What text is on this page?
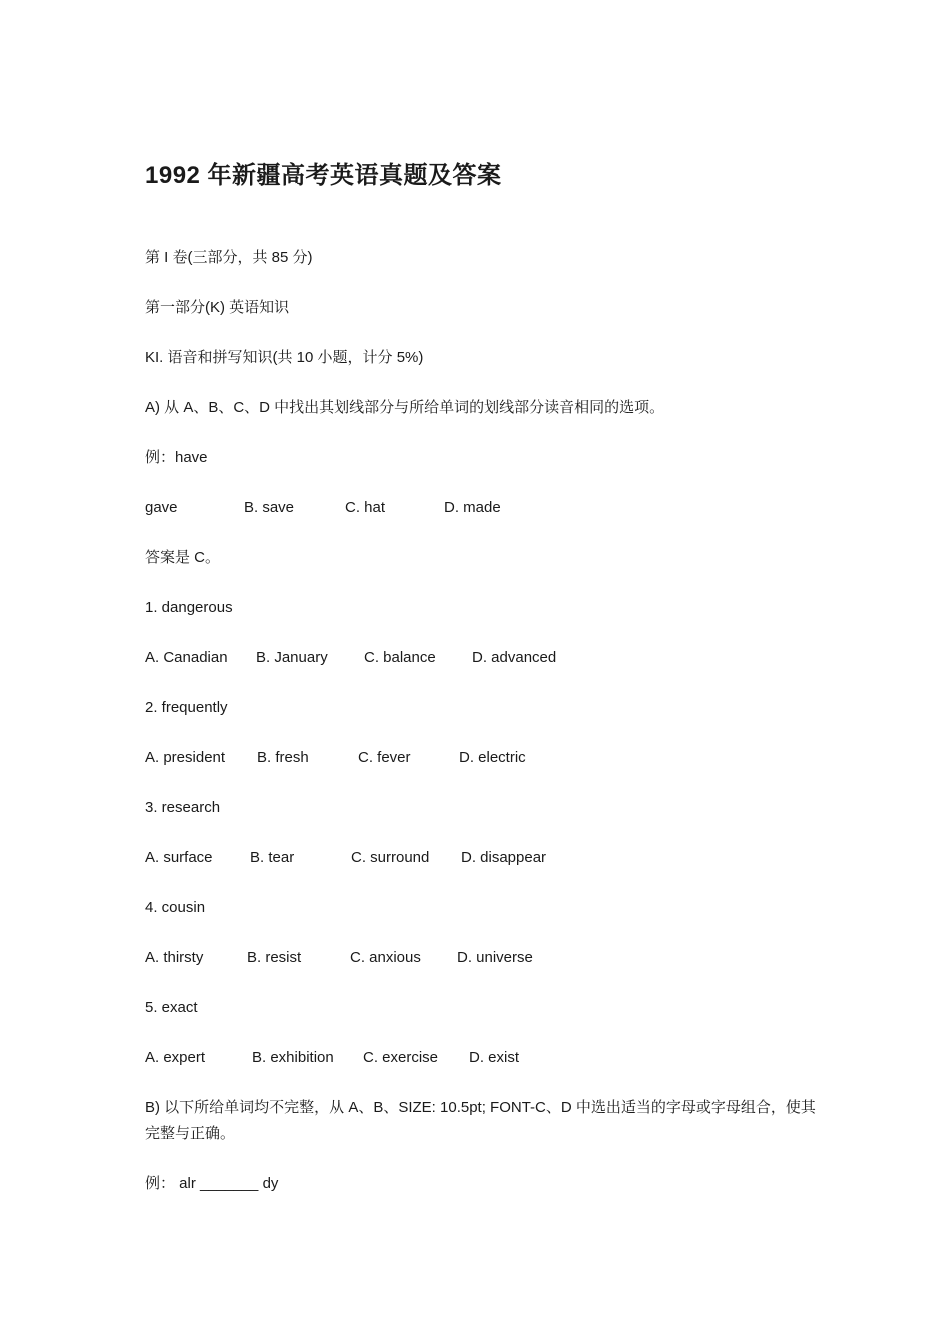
1992 年新疆高考英语真题及答案
第 I 卷(三部分，共 85 分)
第一部分(K) 英语知识
KI. 语音和拼写知识(共 10 小题，计分 5%)
A) 从 A、B、C、D 中找出其划线部分与所给单词的划线部分读音相同的选项。
例：have
gave	B. save	C. hat	D. made
答案是 C。
1. dangerous
A. Canadian B. January C. balance D. advanced
2. frequently
A. president B. fresh	C. fever	D. electric
3. research
A. surface B. tear	C. surround D. disappear
4. cousin
A. thirsty	B. resist	C. anxious D. universe
5. exact
A. expert	B. exhibition C. exercise D. exist
B) 以下所给单词均不完整，从 A、B、SIZE: 10.5pt; FONT-C、D 中选出适当的字母或字母组合，使其完整与正确。
例： alr _______ dy
